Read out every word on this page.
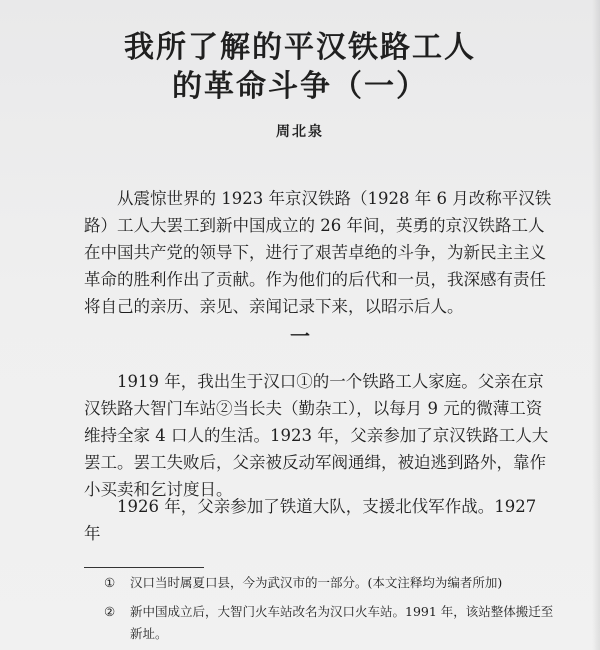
我所了解的平汉铁路工人
的革命斗争（一）
周北泉

从震惊世界的 1923 年京汉铁路（1928 年 6 月改称平汉铁路）工人大罢工到新中国成立的 26 年间，英勇的京汉铁路工人在中国共产党的领导下，进行了艰苦卓绝的斗争，为新民主主义革命的胜利作出了贡献。作为他们的后代和一员，我深感有责任将自己的亲历、亲见、亲闻记录下来，以昭示后人。

一

1919 年，我出生于汉口①的一个铁路工人家庭。父亲在京汉铁路大智门车站②当长夫（勤杂工），以每月 9 元的微薄工资维持全家 4 口人的生活。1923 年，父亲参加了京汉铁路工人大罢工。罢工失败后，父亲被反动军阀通缉，被迫逃到路外，靠作小买卖和乞讨度日。

1926 年，父亲参加了铁道大队，支援北伐军作战。1927 年

①	汉口当时属夏口县，今为武汉市的一部分。(本文注释均为编者所加)
②	新中国成立后，大智门火车站改名为汉口火车站。1991 年，该站整体搬迁至新址。
